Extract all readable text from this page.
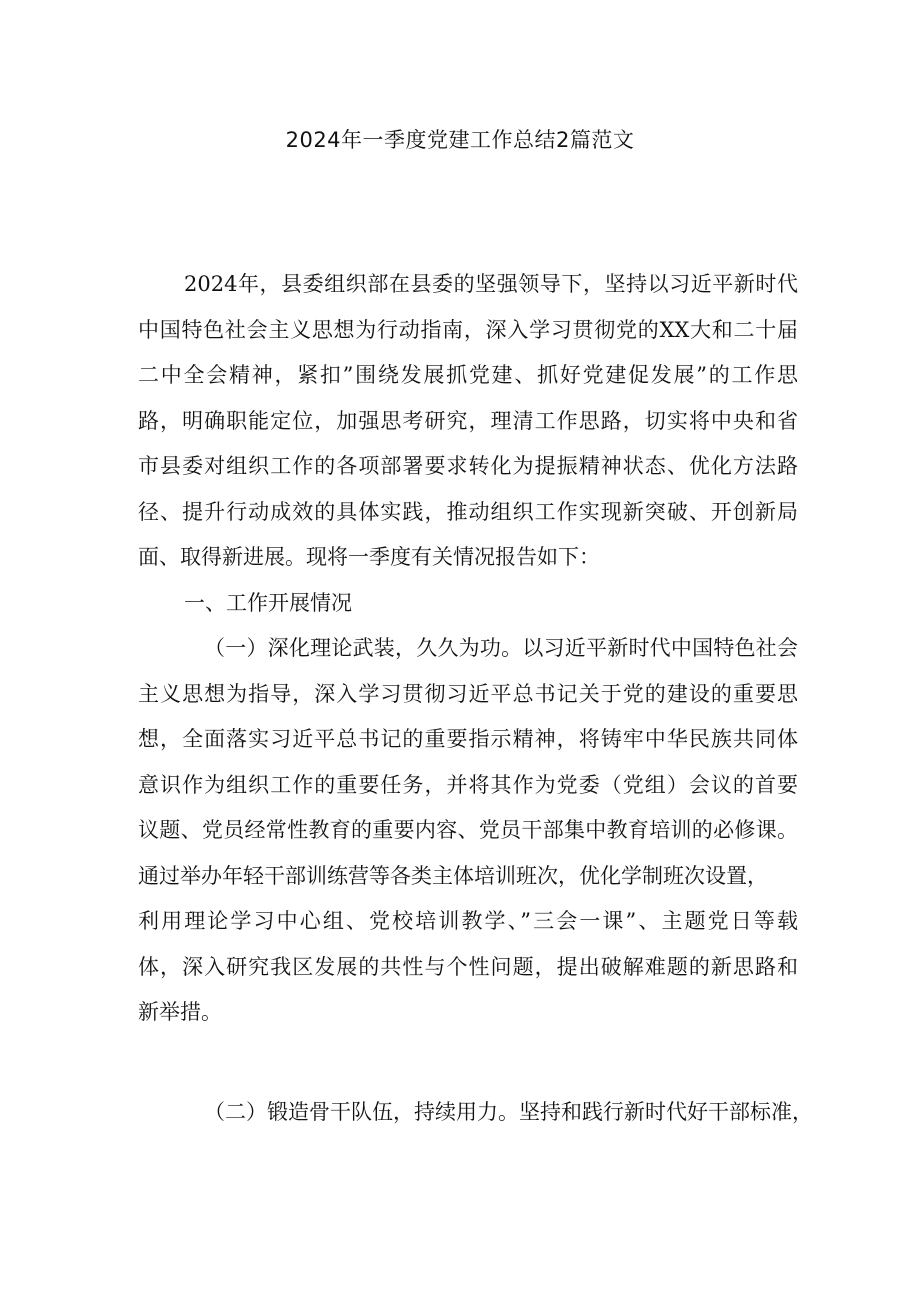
2024年一季度党建工作总结2篇范文
2024年，县委组织部在县委的坚强领导下，坚持以习近平新时代
中国特色社会主义思想为行动指南，深入学习贯彻党的XX大和二十届
二中全会精神，紧扣”围绕发展抓党建、抓好党建促发展”的工作思
路，明确职能定位，加强思考研究，理清工作思路，切实将中央和省
市县委对组织工作的各项部署要求转化为提振精神状态、优化方法路
径、提升行动成效的具体实践，推动组织工作实现新突破、开创新局
面、取得新进展。现将一季度有关情况报告如下：
一、工作开展情况
（一）深化理论武装，久久为功。以习近平新时代中国特色社会
主义思想为指导，深入学习贯彻习近平总书记关于党的建设的重要思
想，全面落实习近平总书记的重要指示精神，将铸牢中华民族共同体
意识作为组织工作的重要任务，并将其作为党委（党组）会议的首要
议题、党员经常性教育的重要内容、党员干部集中教育培训的必修课。
通过举办年轻干部训练营等各类主体培训班次，优化学制班次设置，
利用理论学习中心组、党校培训教学、”三会一课”、主题党日等载
体，深入研究我区发展的共性与个性问题，提出破解难题的新思路和
新举措。
（二）锻造骨干队伍，持续用力。坚持和践行新时代好干部标准，
